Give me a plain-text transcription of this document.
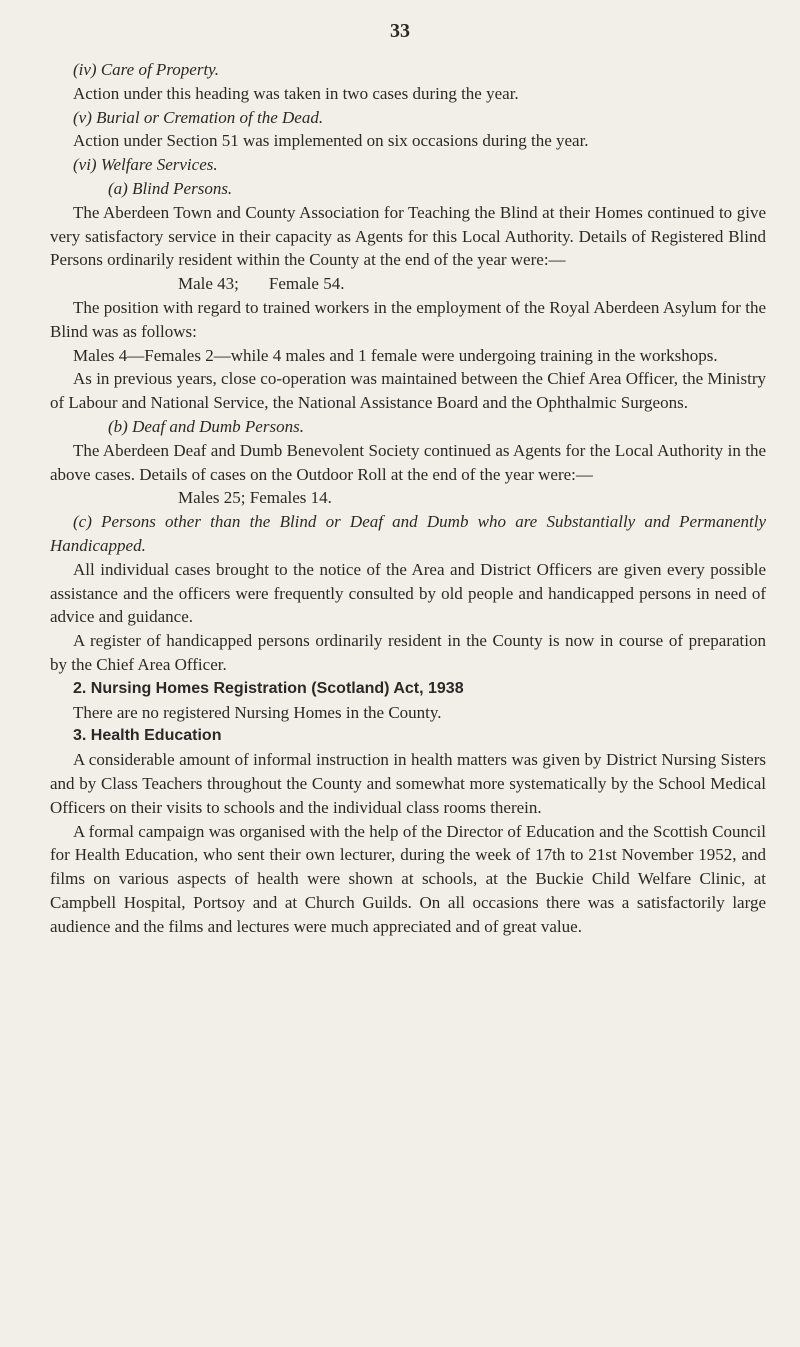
33

(iv) Care of Property.

Action under this heading was taken in two cases during the year.

(v) Burial or Cremation of the Dead.

Action under Section 51 was implemented on six occasions during the year.

(vi) Welfare Services.

(a) Blind Persons.

The Aberdeen Town and County Association for Teaching the Blind at their Homes continued to give very satisfactory service in their capacity as Agents for this Local Authority. Details of Registered Blind Persons ordinarily resident within the County at the end of the year were:—

Male 43; Female 54.

The position with regard to trained workers in the employment of the Royal Aberdeen Asylum for the Blind was as follows:

Males 4—Females 2—while 4 males and 1 female were undergoing training in the workshops.

As in previous years, close co-operation was maintained between the Chief Area Officer, the Ministry of Labour and National Service, the National Assistance Board and the Ophthalmic Surgeons.

(b) Deaf and Dumb Persons.

The Aberdeen Deaf and Dumb Benevolent Society continued as Agents for the Local Authority in the above cases. Details of cases on the Outdoor Roll at the end of the year were:—

Males 25; Females 14.

(c) Persons other than the Blind or Deaf and Dumb who are Substantially and Permanently Handicapped.

All individual cases brought to the notice of the Area and District Officers are given every possible assistance and the officers were frequently consulted by old people and handicapped persons in need of advice and guidance.

A register of handicapped persons ordinarily resident in the County is now in course of preparation by the Chief Area Officer.

2. Nursing Homes Registration (Scotland) Act, 1938

There are no registered Nursing Homes in the County.

3. Health Education

A considerable amount of informal instruction in health matters was given by District Nursing Sisters and by Class Teachers throughout the County and somewhat more systematically by the School Medical Officers on their visits to schools and the individual class rooms therein.

A formal campaign was organised with the help of the Director of Education and the Scottish Council for Health Education, who sent their own lecturer, during the week of 17th to 21st November 1952, and films on various aspects of health were shown at schools, at the Buckie Child Welfare Clinic, at Campbell Hospital, Portsoy and at Church Guilds. On all occasions there was a satisfactorily large audience and the films and lectures were much appreciated and of great value.
